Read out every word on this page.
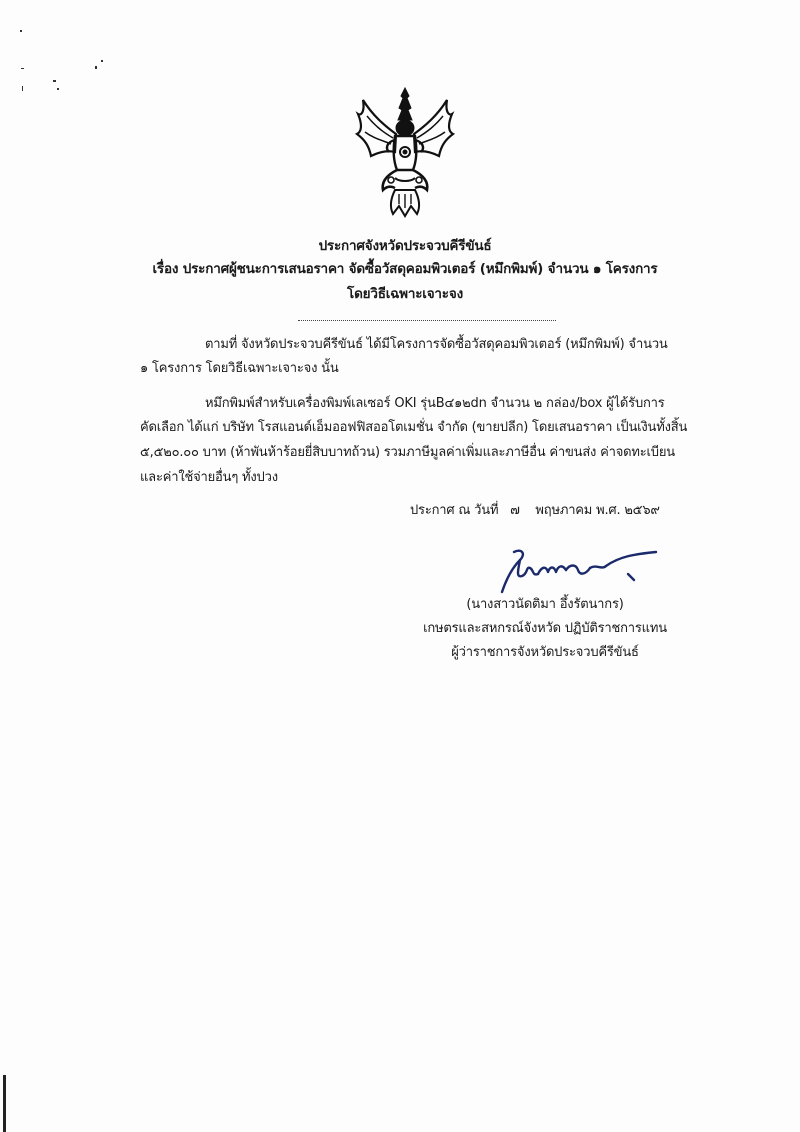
ประกาศจังหวัดประจวบคีรีขันธ์
เรื่อง ประกาศผู้ชนะการเสนอราคา จัดซื้อวัสดุคอมพิวเตอร์ (หมึกพิมพ์) จำนวน ๑ โครงการ
โดยวิธีเฉพาะเจาะจง
ตามที่ จังหวัดประจวบคีรีขันธ์ ได้มีโครงการจัดซื้อวัสดุคอมพิวเตอร์ (หมึกพิมพ์) จำนวน
๑ โครงการ โดยวิธีเฉพาะเจาะจง นั้น
หมึกพิมพ์สำหรับเครื่องพิมพ์เลเซอร์ OKI รุ่นB๔๑๒dn จำนวน ๒ กล่อง/box ผู้ได้รับการ
คัดเลือก ได้แก่ บริษัท โรสแอนด์เอ็มออฟฟิสออโตเมชั่น จำกัด (ขายปลีก) โดยเสนอราคา เป็นเงินทั้งสิ้น
๕,๕๒๐.๐๐ บาท (ห้าพันห้าร้อยยี่สิบบาทถ้วน) รวมภาษีมูลค่าเพิ่มและภาษีอื่น ค่าขนส่ง ค่าจดทะเบียน
และค่าใช้จ่ายอื่นๆ ทั้งปวง
ประกาศ ณ วันที่   ๗    พฤษภาคม พ.ศ. ๒๕๖๙
(นางสาวนัดติมา อึ้งรัตนากร)
เกษตรและสหกรณ์จังหวัด ปฏิบัติราชการแทน
ผู้ว่าราชการจังหวัดประจวบคีรีขันธ์
